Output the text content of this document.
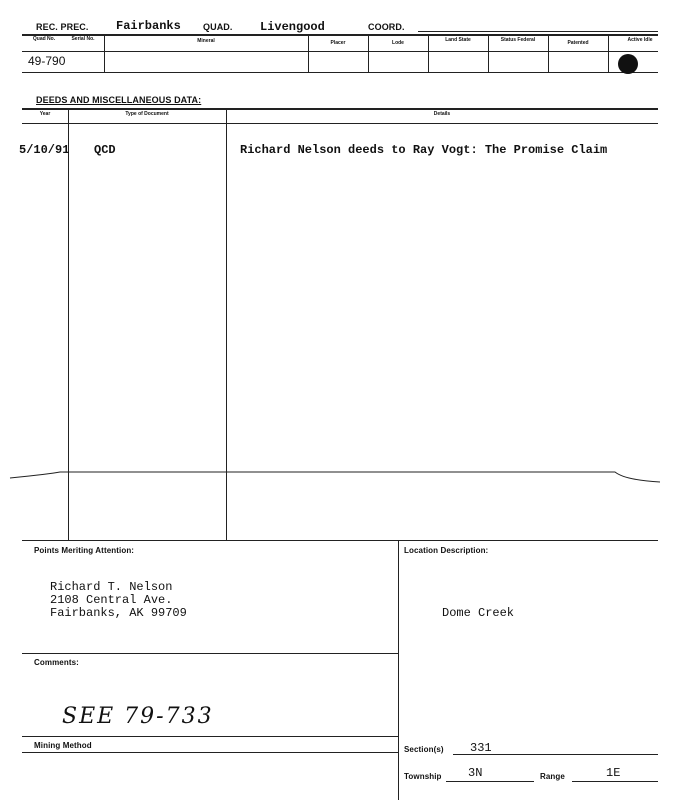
REC. PREC. Fairbanks QUAD. Livengood	COORD.
Quad No.	Serial No.	Mineral	Placer	Lode	Land State	Status Federal	Patented	Active Idle
49-790
DEEDS AND MISCELLANEOUS DATA:
Year	Type of Document	Details
5/10/91 QCD	Richard Nelson deeds to Ray Vogt: The Promise Claim
Points Meriting Attention:
Richard T. Nelson
2108 Central Ave.
Fairbanks, AK 99709
Location Description:
Dome Creek
Comments:
SEE 79-733
Mining Method	Section(s) 331
Township 3N	Range	1E
